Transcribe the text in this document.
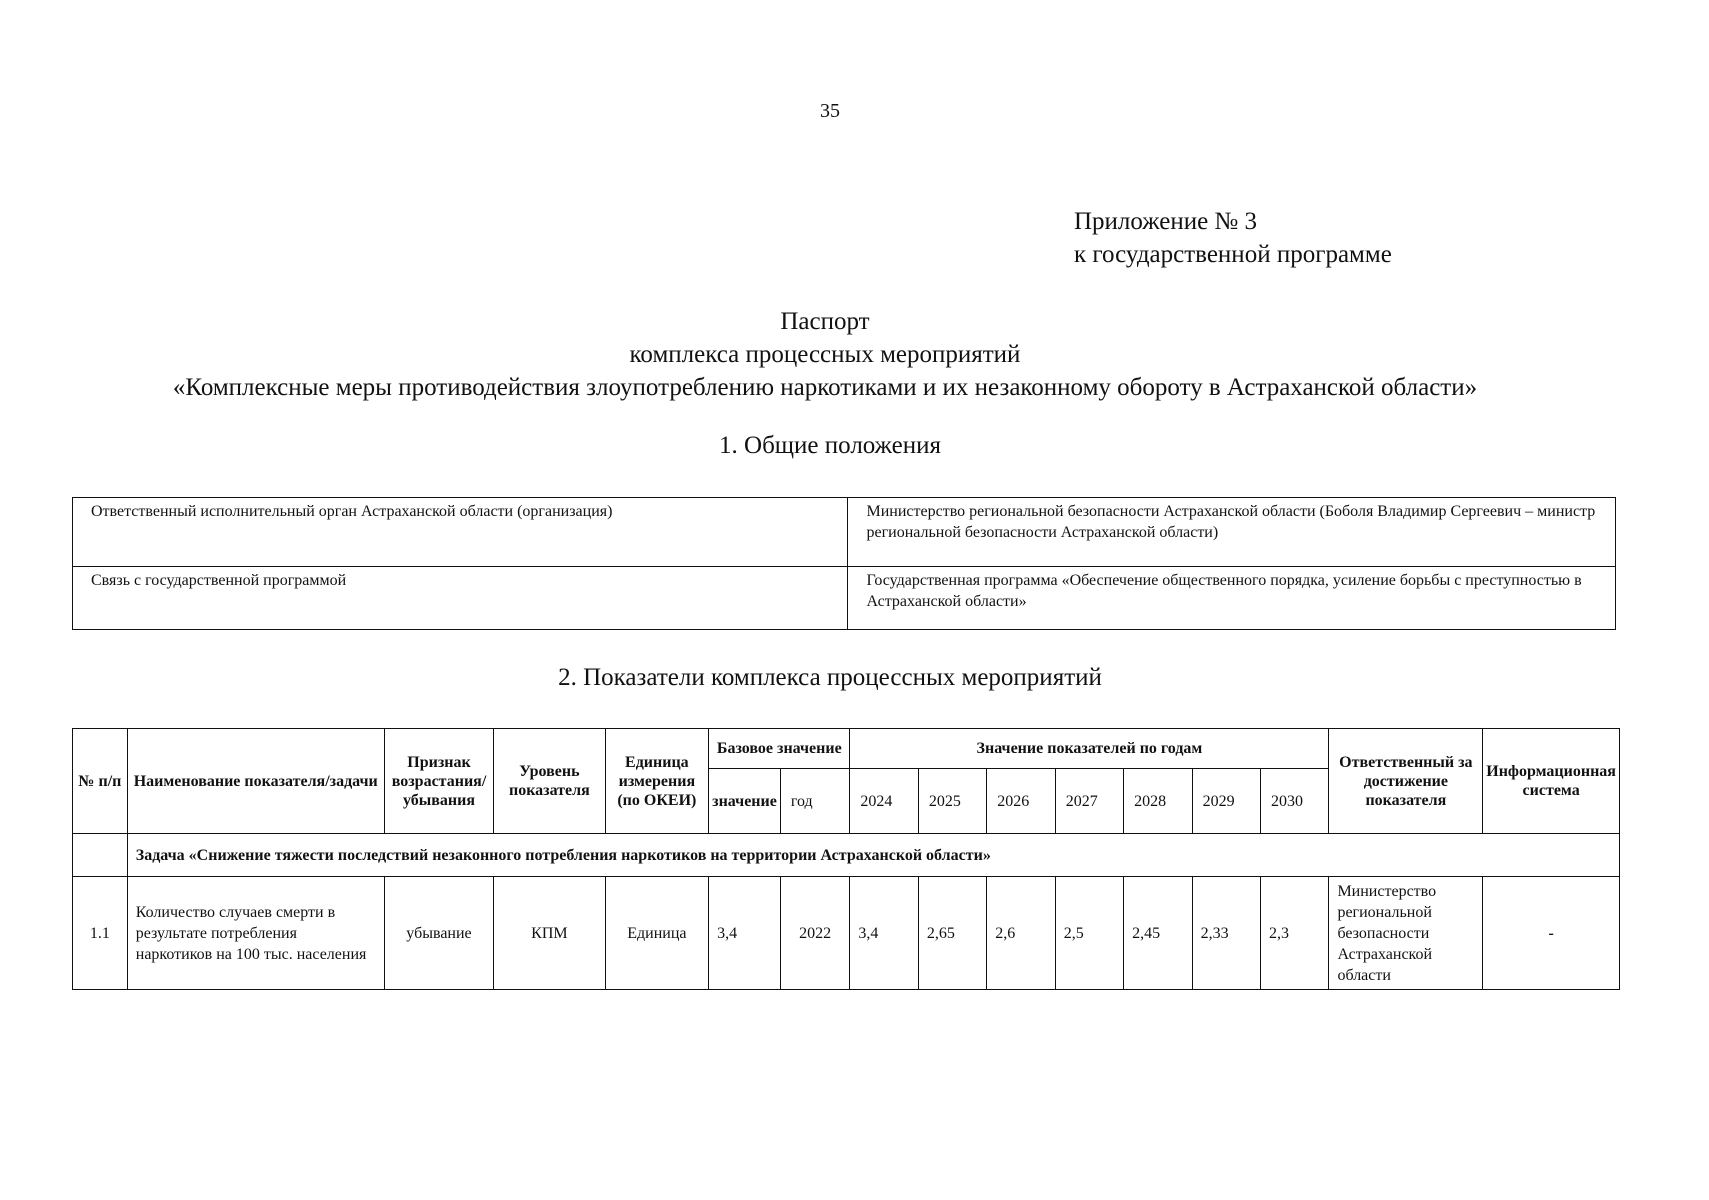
35
Приложение № 3
к государственной программе
Паспорт
комплекса процессных мероприятий
«Комплексные меры противодействия злоупотреблению наркотиками и их незаконному обороту в Астраханской области»
1. Общие положения
Ответственный исполнительный орган Астраханской области (организация)	Министерство региональной безопасности Астраханской области (Боболя Владимир Сергеевич – министр региональной безопасности Астраханской области)
Связь с государственной программой	Государственная программа «Обеспечение общественного порядка, усиление борьбы с преступностью в Астраханской области»
2. Показатели комплекса процессных мероприятий
№ п/п	Наименование показателя/задачи	Признак возрастания/ убывания	Уровень показателя	Единица измерения (по ОКЕИ)	Базовое значение		Значение показателей по годам							Ответственный за достижение показателя	Информационная система
					значение	год	2024	2025	2026	2027	2028	2029	2030		
	Задача «Снижение тяжести последствий незаконного потребления наркотиков на территории Астраханской области»														
1.1	Количество случаев смерти в результате потребления наркотиков на 100 тыс. населения	убывание	КПМ	Единица	3,4	2022	3,4	2,65	2,6	2,5	2,45	2,33	2,3	Министерство региональной безопасности Астраханской области	-
